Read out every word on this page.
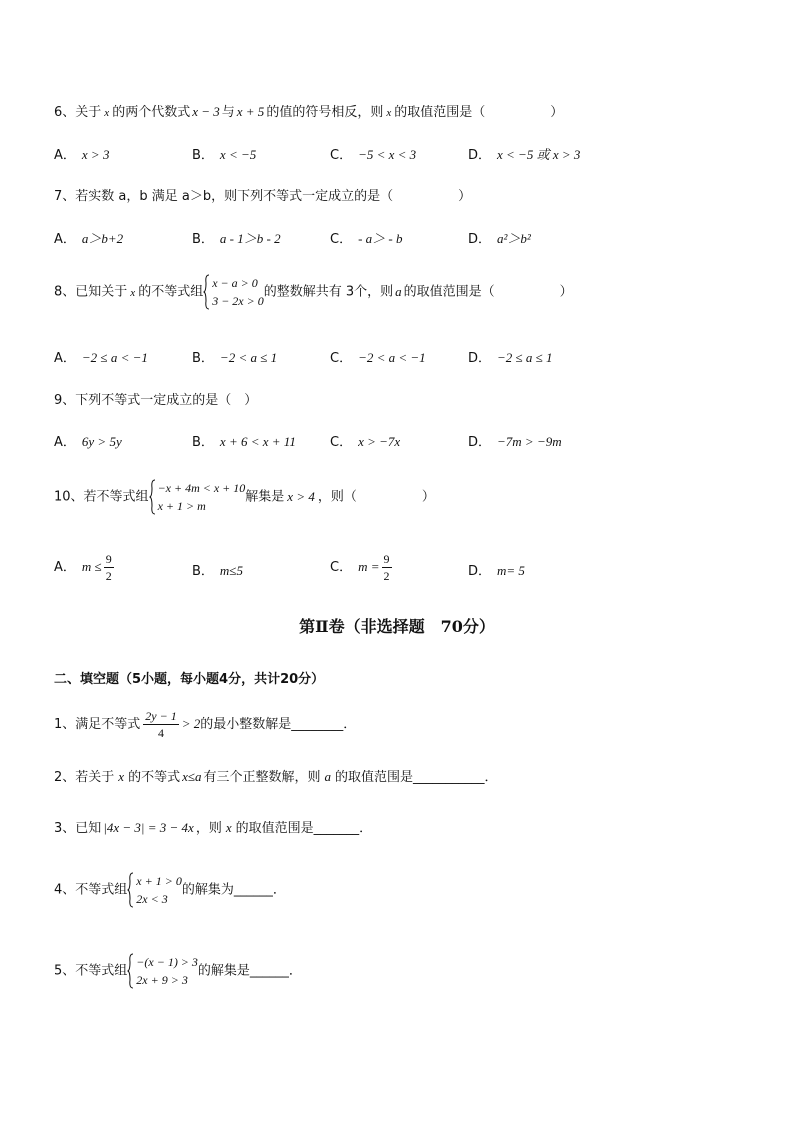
6、关于 x 的两个代数式 x − 3 与 x + 5 的值的符号相反，则 x 的取值范围是（　　　　　）
A． x > 3	B． x < −5	C． −5 < x < 3	D． x < −5 或 x > 3
7、若实数 a，b 满足 a＞b，则下列不等式一定成立的是（　　　　　）
A． a＞b+2	B． a - 1＞b - 2	C． - a＞ - b	D． a²＞b²
8、已知关于 x 的不等式组
x − a > 0
3 − 2x > 0
的整数解共有 3个，则 a 的取值范围是（　　　　　）
A． −2 ≤ a < −1	B． −2 < a ≤ 1	C． −2 < a < −1	D． −2 ≤ a ≤ 1
9、下列不等式一定成立的是（　）
A． 6y > 5y	B． x + 6 < x + 11	C． x > −7x	D． −7m > −9m
10、若不等式组
−x + 4m < x + 10
x + 1 > m
解集是 x > 4 ，则（　　　　　）
A． $m \le \frac{9}{2}$	B． m≤5	C． $m = \frac{9}{2}$	D． m= 5
第Ⅱ卷（非选择题　70分）
二、填空题（5小题，每小题4分，共计20分）
1、满足不等式 $\frac{2y - 1}{4} > 2$的最小整数解是________．
2、若关于 x 的不等式 x≤a 有三个正整数解，则 a 的取值范围是___________．
3、已知 |4x − 3| = 3 − 4x ，则 x 的取值范围是_______．
4、不等式组
x + 1 > 0
2x < 3
的解集为______．
5、不等式组
−(x − 1) > 3
2x + 9 > 3
的解集是______．
